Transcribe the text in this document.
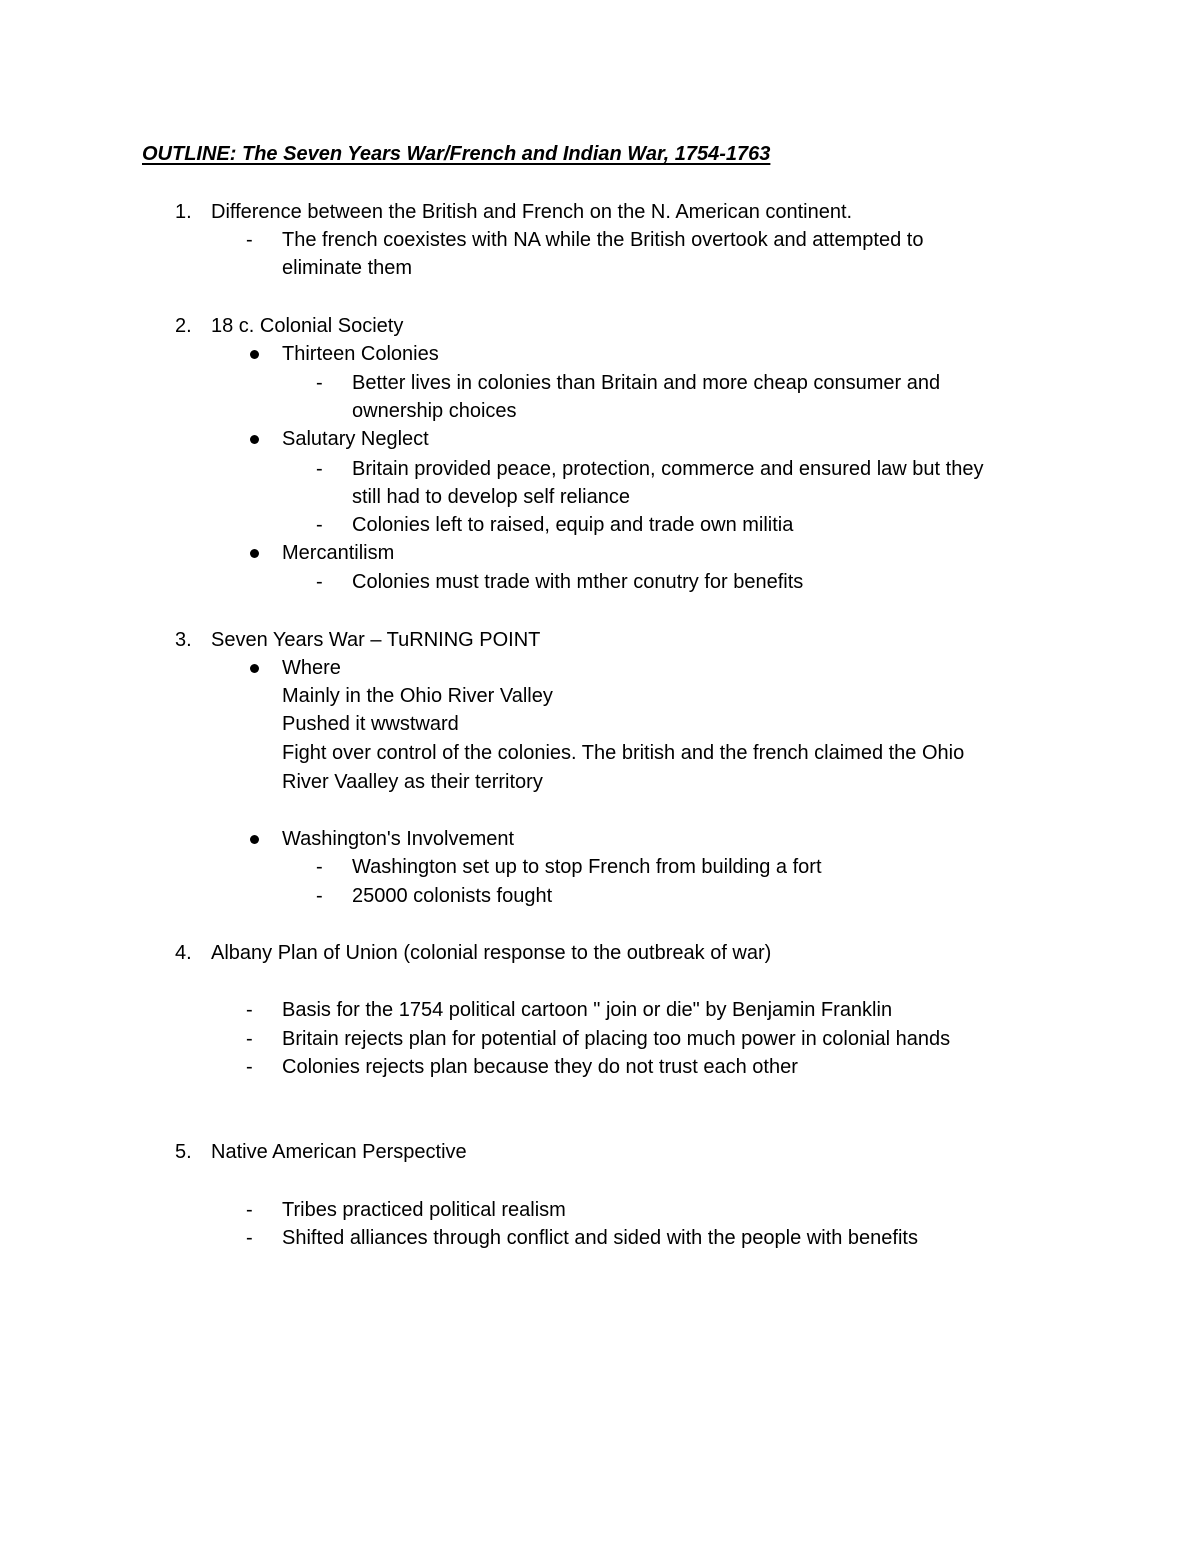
OUTLINE: The Seven Years War/French and Indian War, 1754-1763
1. Difference between the British and French on the N. American continent.
- The french coexistes with NA while the British overtook and attempted to
eliminate them
2. 18 c. Colonial Society
Thirteen Colonies
- Better lives in colonies than Britain and more cheap consumer and
ownership choices
Salutary Neglect
- Britain provided peace, protection, commerce and ensured law but they
still had to develop self reliance
- Colonies left to raised, equip and trade own militia
Mercantilism
- Colonies must trade with mther conutry for benefits
3. Seven Years War – TuRNING POINT
Where
Mainly in the Ohio River Valley
Pushed it wwstward
Fight over control of the colonies. The british and the french claimed the Ohio
River Vaalley as their territory
Washington's Involvement
- Washington set up to stop French from building a fort
- 25000 colonists fought
4. Albany Plan of Union (colonial response to the outbreak of war)
- Basis for the 1754 political cartoon " join or die" by Benjamin Franklin
- Britain rejects plan for potential of placing too much power in colonial hands
- Colonies rejects plan because they do not trust each other
5. Native American Perspective
- Tribes practiced political realism
- Shifted alliances through conflict and sided with the people with benefits
